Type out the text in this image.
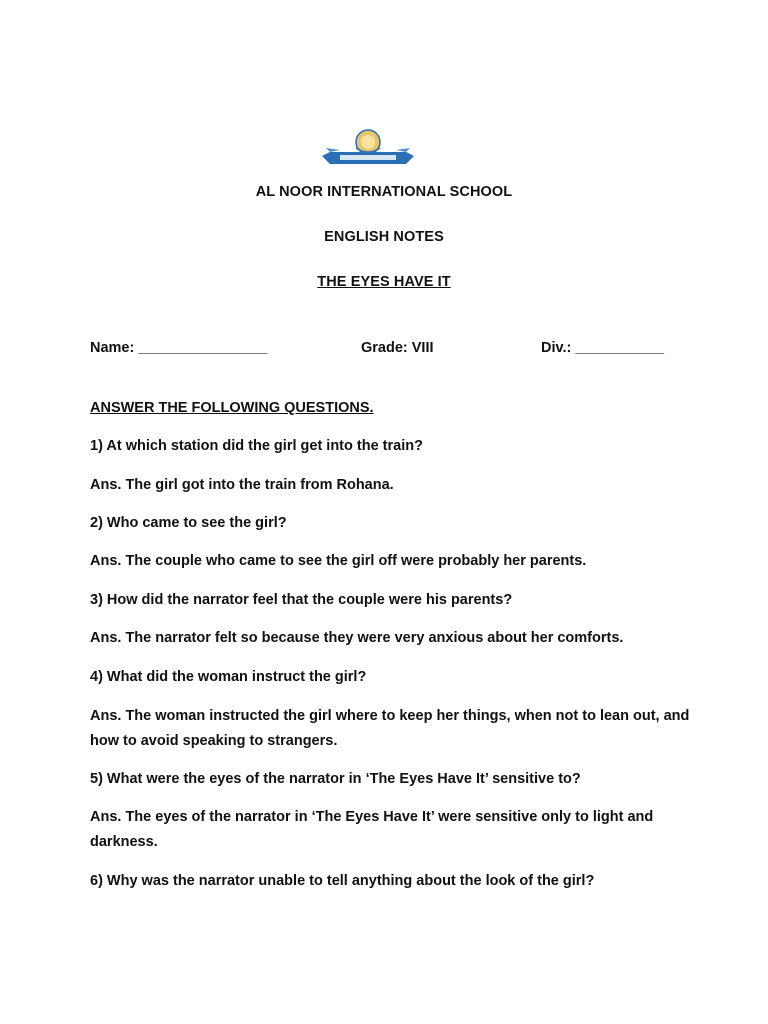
AL NOOR INTERNATIONAL SCHOOL
ENGLISH NOTES
THE EYES HAVE IT
Name: ________________	Grade: VIII	Div.: ___________
ANSWER THE FOLLOWING QUESTIONS.
1) At which station did the girl get into the train?
Ans. The girl got into the train from Rohana.
2) Who came to see the girl?
Ans. The couple who came to see the girl off were probably her parents.
3) How did the narrator feel that the couple were his parents?
Ans. The narrator felt so because they were very anxious about her comforts.
4) What did the woman instruct the girl?
Ans. The woman instructed the girl where to keep her things, when not to lean out, and how to avoid speaking to strangers.
5) What were the eyes of the narrator in ‘The Eyes Have It’ sensitive to?
Ans. The eyes of the narrator in ‘The Eyes Have It’ were sensitive only to light and darkness.
6) Why was the narrator unable to tell anything about the look of the girl?
